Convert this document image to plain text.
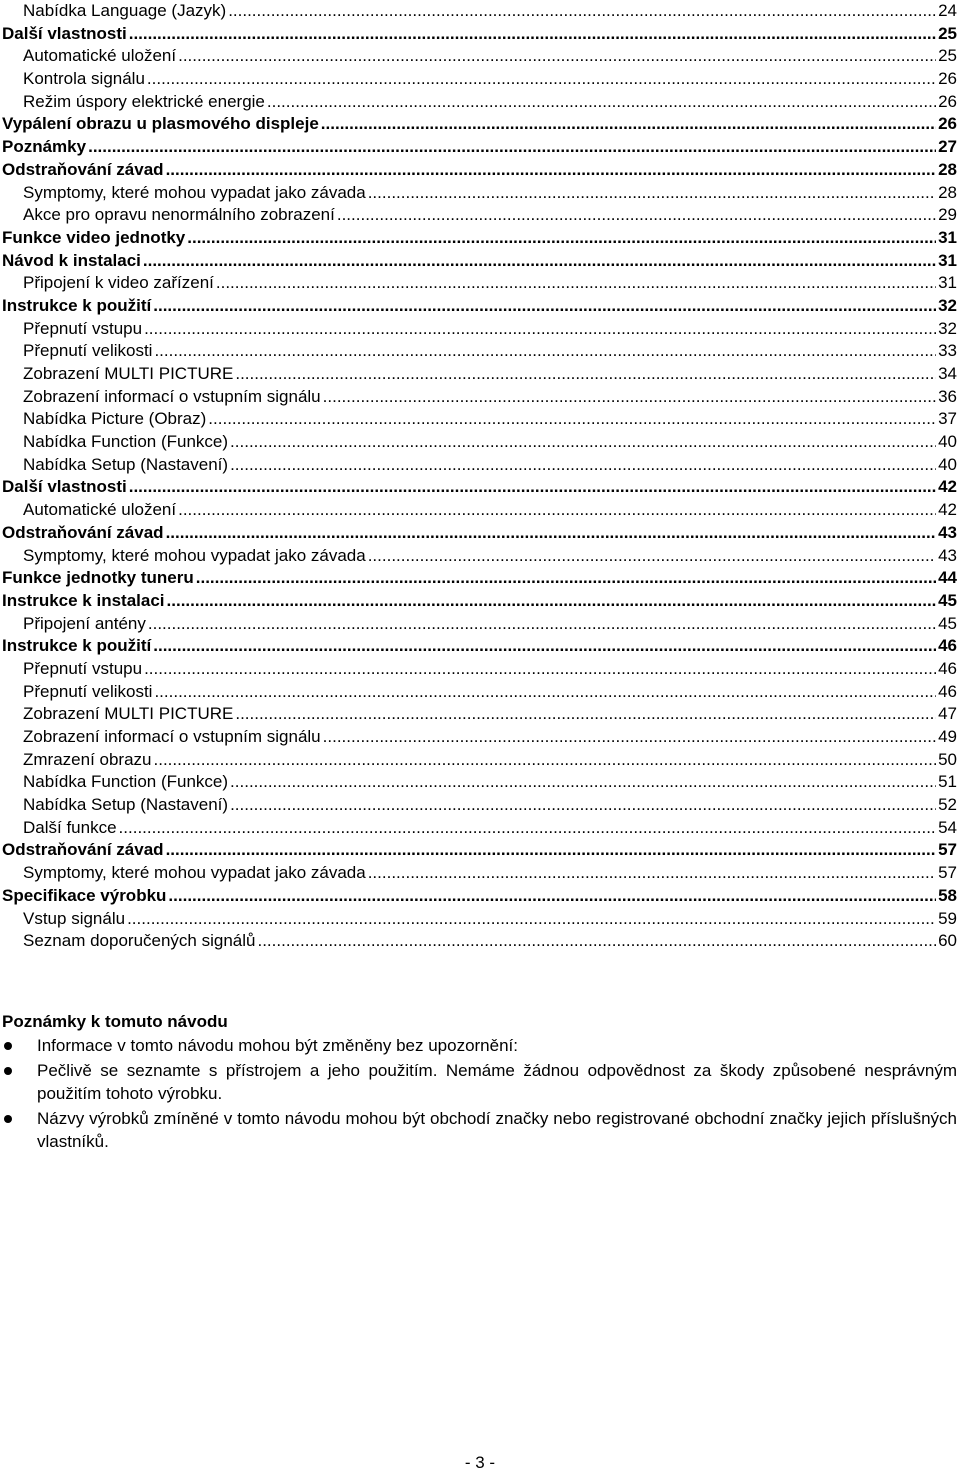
Nabídka Language (Jazyk) .....	24
Další vlastnosti .....	25
Automatické uložení .....	25
Kontrola signálu .....	26
Režim úspory elektrické energie .....	26
Vypálení obrazu u plasmového displeje .....	26
Poznámky .....	27
Odstraňování závad .....	28
Symptomy, které mohou vypadat jako závada .....	28
Akce pro opravu nenormálního zobrazení .....	29
Funkce video jednotky .....	31
Návod k instalaci .....	31
Připojení k video zařízení .....	31
Instrukce k použití .....	32
Přepnutí vstupu .....	32
Přepnutí velikosti .....	33
Zobrazení MULTI PICTURE .....	34
Zobrazení informací o vstupním signálu .....	36
Nabídka Picture (Obraz) .....	37
Nabídka Function (Funkce) .....	40
Nabídka Setup (Nastavení) .....	40
Další vlastnosti .....	42
Automatické uložení .....	42
Odstraňování závad .....	43
Symptomy, které mohou vypadat jako závada .....	43
Funkce jednotky tuneru .....	44
Instrukce k instalaci .....	45
Připojení antény .....	45
Instrukce k použití .....	46
Přepnutí vstupu .....	46
Přepnutí velikosti .....	46
Zobrazení MULTI PICTURE .....	47
Zobrazení informací o vstupním signálu .....	49
Zmrazení obrazu .....	50
Nabídka Function (Funkce) .....	51
Nabídka Setup (Nastavení) .....	52
Další funkce .....	54
Odstraňování závad .....	57
Symptomy, které mohou vypadat jako závada .....	57
Specifikace výrobku .....	58
Vstup signálu .....	59
Seznam doporučených signálů .....	60
Poznámky k tomuto návodu
Informace v tomto návodu mohou být změněny bez upozornění:
Pečlivě se seznamte s přístrojem a jeho použitím. Nemáme žádnou odpovědnost za škody způsobené nesprávným použitím tohoto výrobku.
Názvy výrobků zmíněné v tomto návodu mohou být obchodí značky nebo registrované obchodní značky jejich příslušných vlastníků.
- 3 -
